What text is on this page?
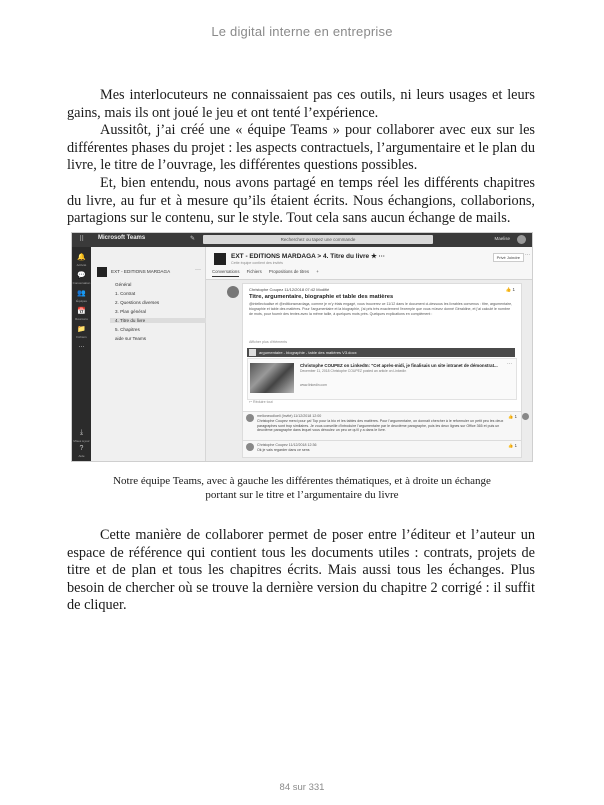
Le digital interne en entreprise

Mes interlocuteurs ne connaissaient pas ces outils, ni leurs usages et leurs gains, mais ils ont joué le jeu et ont tenté l’expérience.

Aussitôt, j’ai créé une « équipe Teams » pour collaborer avec eux sur les différentes phases du projet : les aspects contractuels, l’argumentaire et le plan du livre, le titre de l’ouvrage, les différentes questions possibles.

Et, bien entendu, nous avons partagé en temps réel les différents chapitres du livre, au fur et à mesure qu’ils étaient écrits. Nous échangions, collaborions, partagions sur le contenu, sur le style. Tout cela sans aucun échange de mails.

⠿ Microsoft Teams	✎	Recherchez ou tapez une commande	Maelise
🔔
Activité
💬
Conversation
👥
Équipes
📅
Réunions
📁
Fichiers
...
⤓
Mises à jour
?
Aide
EXT - EDITIONS MARDAGA	···
Général
1. Contrat
2. Questions diverses
3. Plan général
4. Titre du livre
5. Chapitres
aide sur Teams
EXT - EDITIONS MARDAGA > 4. Titre du livre ★ ···
Cette équipe contient des invités
Conversations Fichiers Propositions de titres +
Privé Joindre	···
Christophe Coupez 11/12/2018 07:42 Modifié	👍 1
Titre, argumentaire, biographie et table des matières
@intellectualise et @editionsmardaga, comme je m’y étais engagé, vous trouverez ce 11/12 dans le document ci-dessous les livrables convenus : titre, argumentaire, biographie et table des matières. Pour l’argumentaire et la biographie, j’ai pris très exactement l’exemple que vous m’avez donné Géraldine, et j’ai calculé le nombre de mots, pour fournir des textes avec la même taille, à quelques mots près. Quelques explications en complément :
Afficher plus d’éléments
argumentaire - biographie - table des matières V3.docx
Christophe COUPEZ on LinkedIn: "Cet après-midi, je finalisais un site intranet de démonstrat...
December 11, 2018 Christophe COUPEZ posted an article on LinkedIn
www.linkedin.com
···
↩ Réduire tout
mellonecolloeli (Invité) 11/12/2018 12:00
Christophe Coupez merci pour ça! Top pour la bio et les tables des matières. Pour l’argumentaire, on donnait chercher à le reformuler un petit peu les deux paragraphes sont trop similaires. Je vous conseille d’introduire l’argumentaire par le deuxième paragraphe, puis les deux lignes sur Office 365 et puis un deuxième paragraphe dans lequel vous déroulez un peu ce qu’il y a dans le livre.
👍 1
Christophe Coupez 11/12/2018 12:36
Ok je vais regarder dans ce sens
👍 1
Notre équipe Teams, avec à gauche les différentes thématiques, et à droite un échange
portant sur le titre et l’argumentaire du livre

Cette manière de collaborer permet de poser entre l’éditeur et l’auteur un espace de référence qui contient tous les documents utiles : contrats, projets de titre et de plan et tous les chapitres écrits. Mais aussi tous les échanges. Plus besoin de chercher où se trouve la dernière version du chapitre 2 corrigé : il suffit de cliquer.

84 sur 331
